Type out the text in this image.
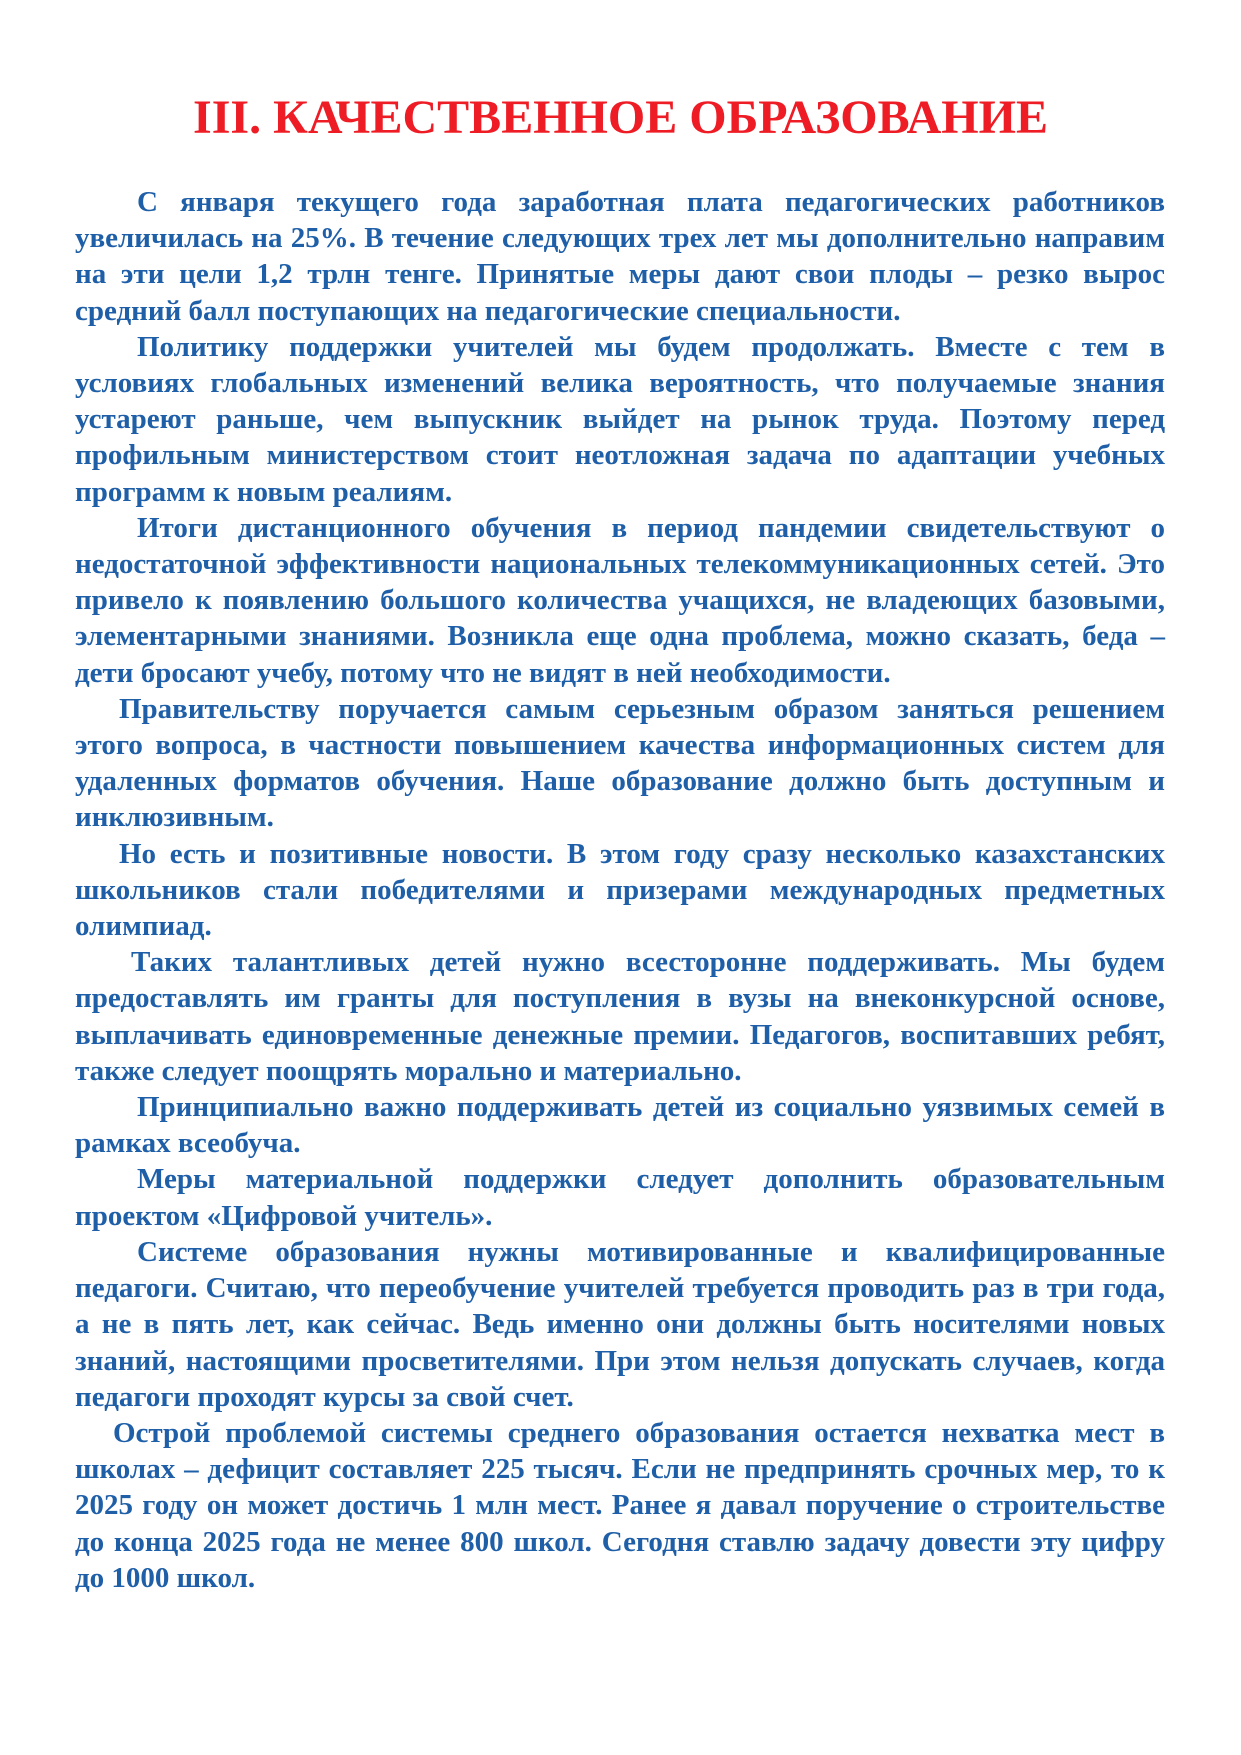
III. КАЧЕСТВЕННОЕ ОБРАЗОВАНИЕ

С января текущего года заработная плата педагогических работников увеличилась на 25%. В течение следующих трех лет мы дополнительно направим на эти цели 1,2 трлн тенге. Принятые меры дают свои плоды – резко вырос средний балл поступающих на педагогические специальности.

Политику поддержки учителей мы будем продолжать. Вместе с тем в условиях глобальных изменений велика вероятность, что получаемые знания устареют раньше, чем выпускник выйдет на рынок труда. Поэтому перед профильным министерством стоит неотложная задача по адаптации учебных программ к новым реалиям.

Итоги дистанционного обучения в период пандемии свидетельствуют о недостаточной эффективности национальных телекоммуникационных сетей. Это привело к появлению большого количества учащихся, не владеющих базовыми, элементарными знаниями. Возникла еще одна проблема, можно сказать, беда – дети бросают учебу, потому что не видят в ней необходимости.

Правительству поручается самым серьезным образом заняться решением этого вопроса, в частности повышением качества информационных систем для удаленных форматов обучения. Наше образование должно быть доступным и инклюзивным.

Но есть и позитивные новости. В этом году сразу несколько казахстанских школьников стали победителями и призерами международных предметных олимпиад.

Таких талантливых детей нужно всесторонне поддерживать. Мы будем предоставлять им гранты для поступления в вузы на внеконкурсной основе, выплачивать единовременные денежные премии. Педагогов, воспитавших ребят, также следует поощрять морально и материально.

Принципиально важно поддерживать детей из социально уязвимых семей в рамках всеобуча.

Меры материальной поддержки следует дополнить образовательным проектом «Цифровой учитель».

Системе образования нужны мотивированные и квалифицированные педагоги. Считаю, что переобучение учителей требуется проводить раз в три года, а не в пять лет, как сейчас. Ведь именно они должны быть носителями новых знаний, настоящими просветителями. При этом нельзя допускать случаев, когда педагоги проходят курсы за свой счет.

Острой проблемой системы среднего образования остается нехватка мест в школах – дефицит составляет 225 тысяч. Если не предпринять срочных мер, то к 2025 году он может достичь 1 млн мест. Ранее я давал поручение о строительстве до конца 2025 года не менее 800 школ. Сегодня ставлю задачу довести эту цифру до 1000 школ.
